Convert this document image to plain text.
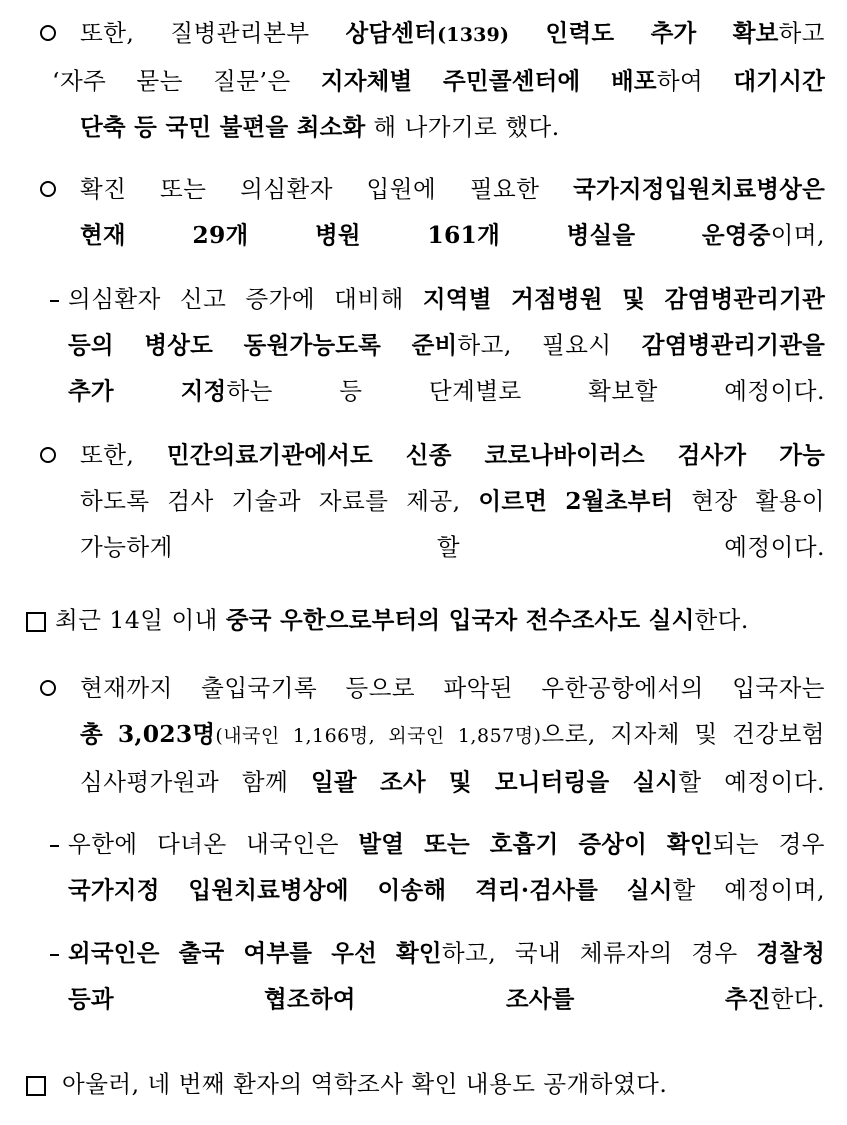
또한, 질병관리본부 상담센터(1339) 인력도 추가 확보하고
‘자주 묻는 질문’은 지자체별 주민콜센터에 배포하여 대기시간
단축 등 국민 불편을 최소화 해 나가기로 했다.
확진 또는 의심환자 입원에 필요한 국가지정입원치료병상은
현재 29개 병원 161개 병실을 운영중이며,
의심환자 신고 증가에 대비해 지역별 거점병원 및 감염병관리기관
등의 병상도 동원가능도록 준비하고, 필요시 감염병관리기관을
추가 지정하는 등 단계별로 확보할 예정이다.
또한, 민간의료기관에서도 신종 코로나바이러스 검사가 가능
하도록 검사 기술과 자료를 제공, 이르면 2월초부터 현장 활용이
가능하게 할 예정이다.
최근 14일 이내 중국 우한으로부터의 입국자 전수조사도 실시한다.
현재까지 출입국기록 등으로 파악된 우한공항에서의 입국자는
총 3,023명(내국인 1,166명, 외국인 1,857명)으로, 지자체 및 건강보험
심사평가원과 함께 일괄 조사 및 모니터링을 실시할 예정이다.
우한에 다녀온 내국인은 발열 또는 호흡기 증상이 확인되는 경우
국가지정 입원치료병상에 이송해 격리·검사를 실시할 예정이며,
외국인은 출국 여부를 우선 확인하고, 국내 체류자의 경우 경찰청
등과 협조하여 조사를 추진한다.
아울러, 네 번째 환자의 역학조사 확인 내용도 공개하였다.
